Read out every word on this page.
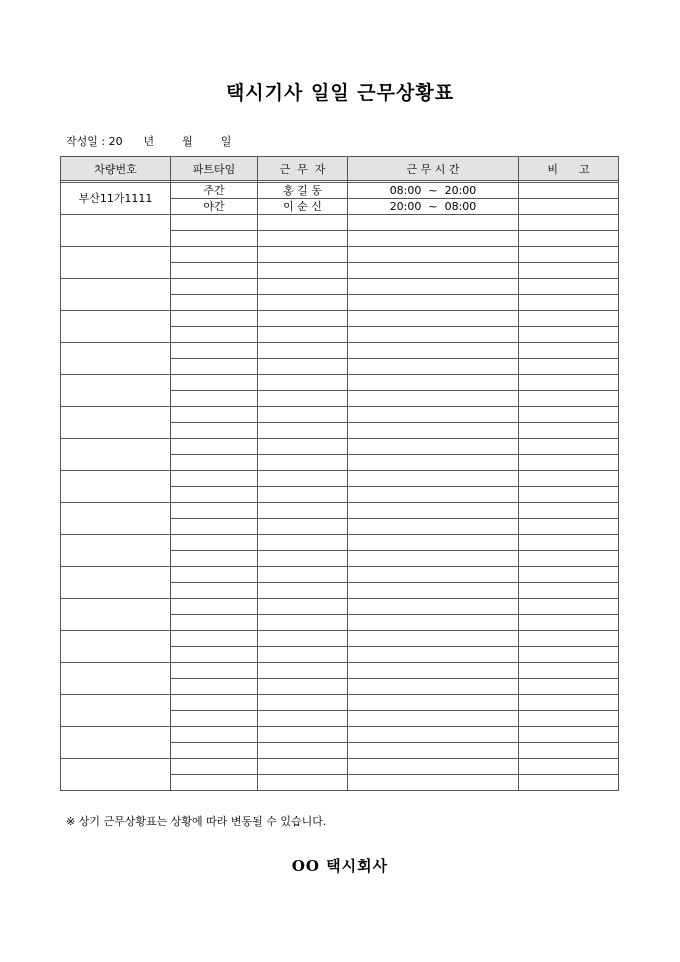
택시기사 일일 근무상황표
작성일 : 20      년        월        일
차량번호	파트타임	근  무  자	근 무 시 간	비      고

부산11가1111	주간	홍 길 동	08:00  ~  20:00	
	야간	이 순 신	20:00  ~  08:00	

※ 상기 근무상황표는 상황에 따라 변동될 수 있습니다.
OO 택시회사
